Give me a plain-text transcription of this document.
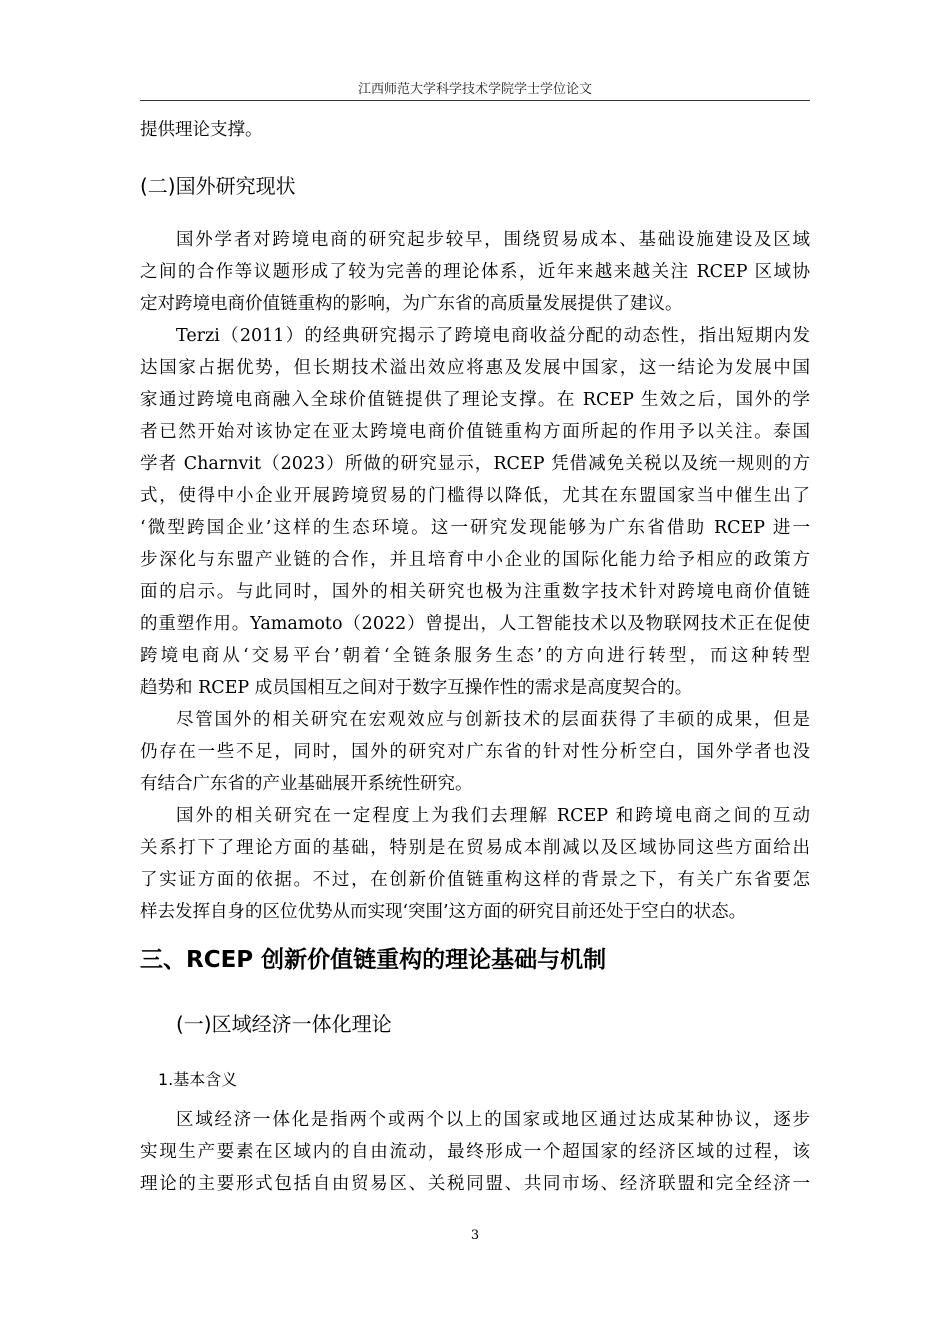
江西师范大学科学技术学院学士学位论文
提供理论支撑。
(二)国外研究现状
国外学者对跨境电商的研究起步较早，围绕贸易成本、基础设施建设及区域
之间的合作等议题形成了较为完善的理论体系，近年来越来越关注 RCEP 区域协
定对跨境电商价值链重构的影响，为广东省的高质量发展提供了建议。
Terzi（2011）的经典研究揭示了跨境电商收益分配的动态性，指出短期内发
达国家占据优势，但长期技术溢出效应将惠及发展中国家，这一结论为发展中国
家通过跨境电商融入全球价值链提供了理论支撑。在 RCEP 生效之后，国外的学
者已然开始对该协定在亚太跨境电商价值链重构方面所起的作用予以关注。泰国
学者 Charnvit（2023）所做的研究显示，RCEP 凭借减免关税以及统一规则的方
式，使得中小企业开展跨境贸易的门槛得以降低，尤其在东盟国家当中催生出了
‘微型跨国企业’这样的生态环境。这一研究发现能够为广东省借助 RCEP 进一
步深化与东盟产业链的合作，并且培育中小企业的国际化能力给予相应的政策方
面的启示。与此同时，国外的相关研究也极为注重数字技术针对跨境电商价值链
的重塑作用。Yamamoto（2022）曾提出，人工智能技术以及物联网技术正在促使
跨境电商从‘交易平台’朝着‘全链条服务生态’的方向进行转型，而这种转型
趋势和 RCEP 成员国相互之间对于数字互操作性的需求是高度契合的。
尽管国外的相关研究在宏观效应与创新技术的层面获得了丰硕的成果，但是
仍存在一些不足，同时，国外的研究对广东省的针对性分析空白，国外学者也没
有结合广东省的产业基础展开系统性研究。
国外的相关研究在一定程度上为我们去理解 RCEP 和跨境电商之间的互动
关系打下了理论方面的基础，特别是在贸易成本削减以及区域协同这些方面给出
了实证方面的依据。不过，在创新价值链重构这样的背景之下，有关广东省要怎
样去发挥自身的区位优势从而实现‘突围’这方面的研究目前还处于空白的状态。
三、RCEP 创新价值链重构的理论基础与机制
(一)区域经济一体化理论
1.基本含义
区域经济一体化是指两个或两个以上的国家或地区通过达成某种协议，逐步
实现生产要素在区域内的自由流动，最终形成一个超国家的经济区域的过程，该
理论的主要形式包括自由贸易区、关税同盟、共同市场、经济联盟和完全经济一
3
